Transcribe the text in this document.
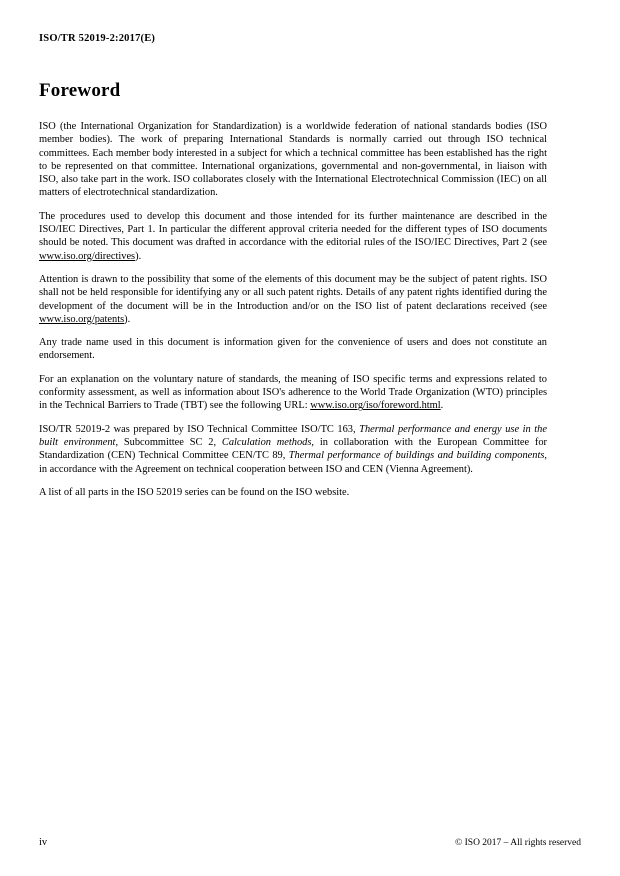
ISO/TR 52019-2:2017(E)
Foreword

ISO (the International Organization for Standardization) is a worldwide federation of national standards bodies (ISO member bodies). The work of preparing International Standards is normally carried out through ISO technical committees. Each member body interested in a subject for which a technical committee has been established has the right to be represented on that committee. International organizations, governmental and non-governmental, in liaison with ISO, also take part in the work. ISO collaborates closely with the International Electrotechnical Commission (IEC) on all matters of electrotechnical standardization.

The procedures used to develop this document and those intended for its further maintenance are described in the ISO/IEC Directives, Part 1. In particular the different approval criteria needed for the different types of ISO documents should be noted. This document was drafted in accordance with the editorial rules of the ISO/IEC Directives, Part 2 (see www.iso.org/directives).

Attention is drawn to the possibility that some of the elements of this document may be the subject of patent rights. ISO shall not be held responsible for identifying any or all such patent rights. Details of any patent rights identified during the development of the document will be in the Introduction and/or on the ISO list of patent declarations received (see www.iso.org/patents).

Any trade name used in this document is information given for the convenience of users and does not constitute an endorsement.

For an explanation on the voluntary nature of standards, the meaning of ISO specific terms and expressions related to conformity assessment, as well as information about ISO's adherence to the World Trade Organization (WTO) principles in the Technical Barriers to Trade (TBT) see the following URL: www.iso.org/iso/foreword.html.

ISO/TR 52019-2 was prepared by ISO Technical Committee ISO/TC 163, Thermal performance and energy use in the built environment, Subcommittee SC 2, Calculation methods, in collaboration with the European Committee for Standardization (CEN) Technical Committee CEN/TC 89, Thermal performance of buildings and building components, in accordance with the Agreement on technical cooperation between ISO and CEN (Vienna Agreement).

A list of all parts in the ISO 52019 series can be found on the ISO website.

iv	© ISO 2017 – All rights reserved
